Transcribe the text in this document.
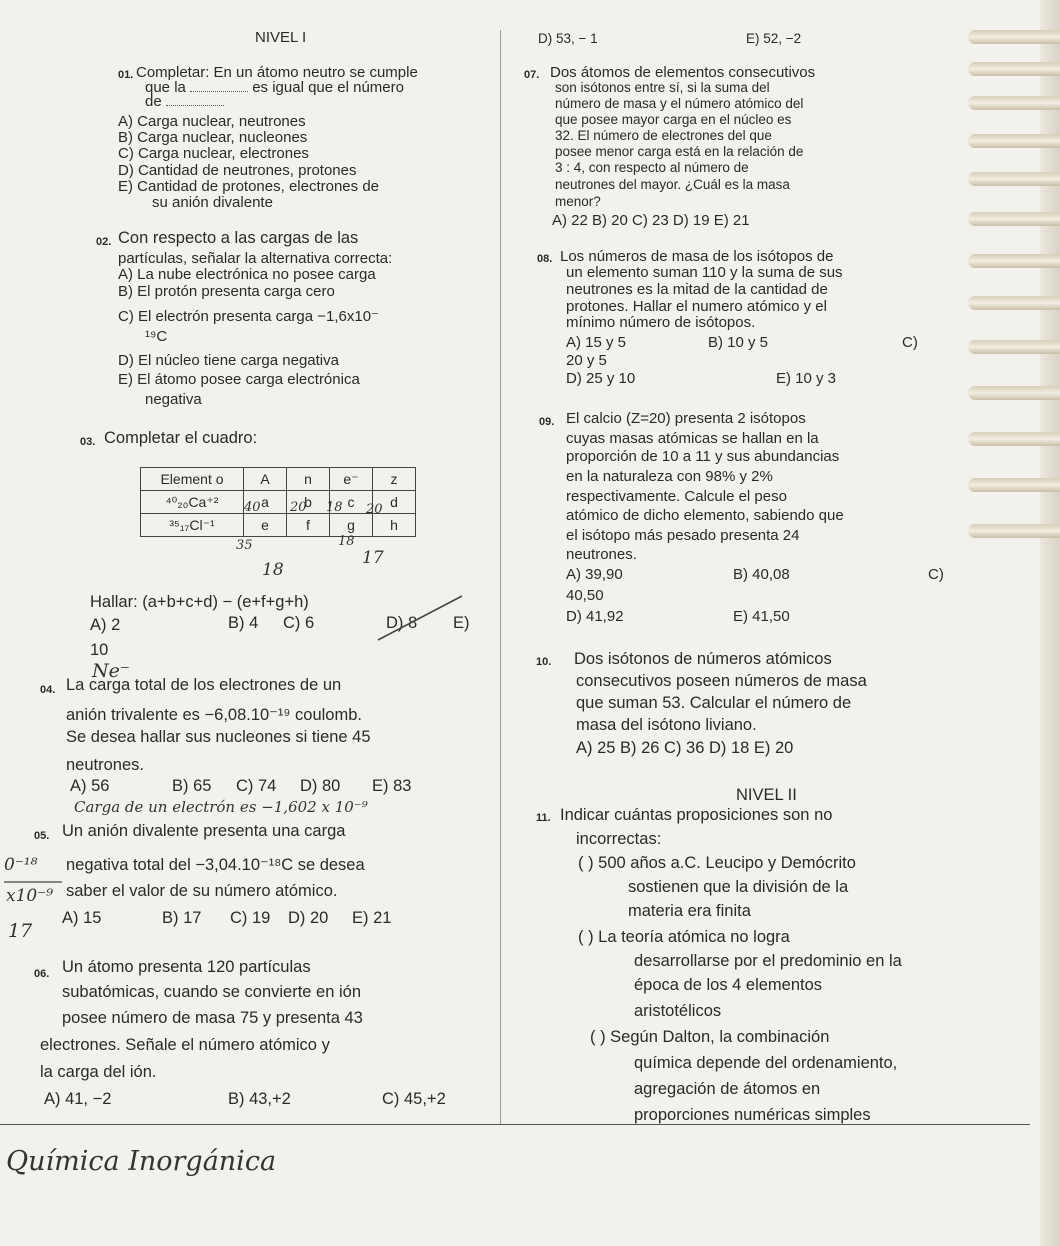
NIVEL I	D) 53, − 1	E) 52, −2
01. Completar: En un átomo neutro se cumple
que la	es igual que el número
de
A) Carga nuclear, neutrones
B) Carga nuclear, nucleones
C) Carga nuclear, electrones
D) Cantidad de neutrones, protones
E) Cantidad de protones, electrones de
su anión divalente
02. Con respecto a las cargas de las
partículas, señalar la alternativa correcta:
A) La nube electrónica no posee carga
B) El protón presenta carga cero
C) El electrón presenta carga −1,6x10⁻
¹⁹C
D) El núcleo tiene carga negativa
E) El átomo posee carga electrónica
negativa
03. Completar el cuadro:
Element o	A	n	e⁻	z
⁴⁰₂₀Ca⁺²	a	b	c	d
³⁵₁₇Cl⁻¹	e	f	g	h
40 20 18 20
35	18
18
17
Hallar: (a+b+c+d) − (e+f+g+h)
A) 2	B) 4 C) 6	D) 8 E)
10
Ne⁻
04. La carga total de los electrones de un
anión trivalente es −6,08.10⁻¹⁹ coulomb.
Se desea hallar sus nucleones si tiene 45
neutrones.
A) 56	B) 65 C) 74 D) 80 E) 83
Carga de un electrón es −1,602 x 10⁻⁹
05. Un anión divalente presenta una carga
negativa total del −3,04.10⁻¹⁸C se desea
saber el valor de su número atómico.
A) 15	B) 17 C) 19 D) 20 E) 21
0⁻¹⁸
x10⁻⁹
17
06. Un átomo presenta 120 partículas
subatómicas, cuando se convierte en ión
posee número de masa 75 y presenta 43
electrones. Señale el número atómico y
la carga del ión.
A) 41, −2	B) 43,+2	C) 45,+2
07. Dos átomos de elementos consecutivos
son isótonos entre sí, si la suma del
número de masa y el número atómico del
que posee mayor carga en el núcleo es
32. El número de electrones del que
posee menor carga está en la relación de
3 : 4, con respecto al número de
neutrones del mayor. ¿Cuál es la masa
menor?
A) 22 B) 20 C) 23 D) 19 E) 21
08. Los números de masa de los isótopos de
un elemento suman 110 y la suma de sus
neutrones es la mitad de la cantidad de
protones. Hallar el numero atómico y el
mínimo número de isótopos.
A) 15 y 5	B) 10 y 5	C)
20 y 5
D) 25 y 10	E) 10 y 3
09. El calcio (Z=20) presenta 2 isótopos
cuyas masas atómicas se hallan en la
proporción de 10 a 11 y sus abundancias
en la naturaleza con 98% y 2%
respectivamente. Calcule el peso
atómico de dicho elemento, sabiendo que
el isótopo más pesado presenta 24
neutrones.
A) 39,90	B) 40,08	C)
40,50
D) 41,92	E) 41,50
10. Dos isótonos de números atómicos
consecutivos poseen números de masa
que suman 53. Calcular el número de
masa del isótono liviano.
A) 25 B) 26 C) 36 D) 18 E) 20
NIVEL II
11. Indicar cuántas proposiciones son no
incorrectas:
( ) 500 años a.C. Leucipo y Demócrito
sostienen que la división de la
materia era finita
( ) La teoría atómica no logra
desarrollarse por el predominio en la
época de los 4 elementos
aristotélicos
( ) Según Dalton, la combinación
química depende del ordenamiento,
agregación de átomos en
proporciones numéricas simples
Química Inorgánica
